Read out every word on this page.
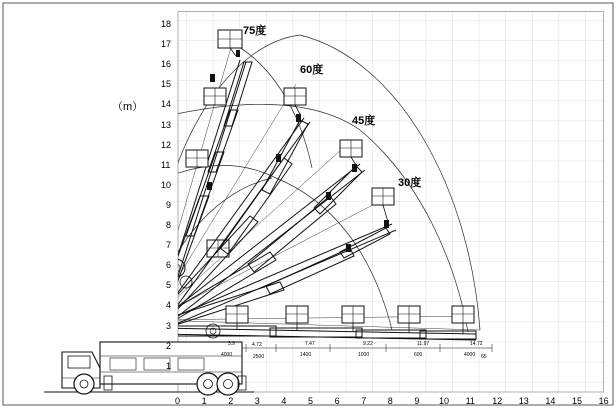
18
17
16
15
14
13
12
11
10
9
8
7
6
5
4
3
2
1
0 1 2 3 4 5 6 7 8 9 10 11 12 13 14 15 16
75度
60度
45度
30度
4000	2500	1400	1000	600	4000
3.9	4.72	7.47	9.22	11.97	14.72
65
（m）
